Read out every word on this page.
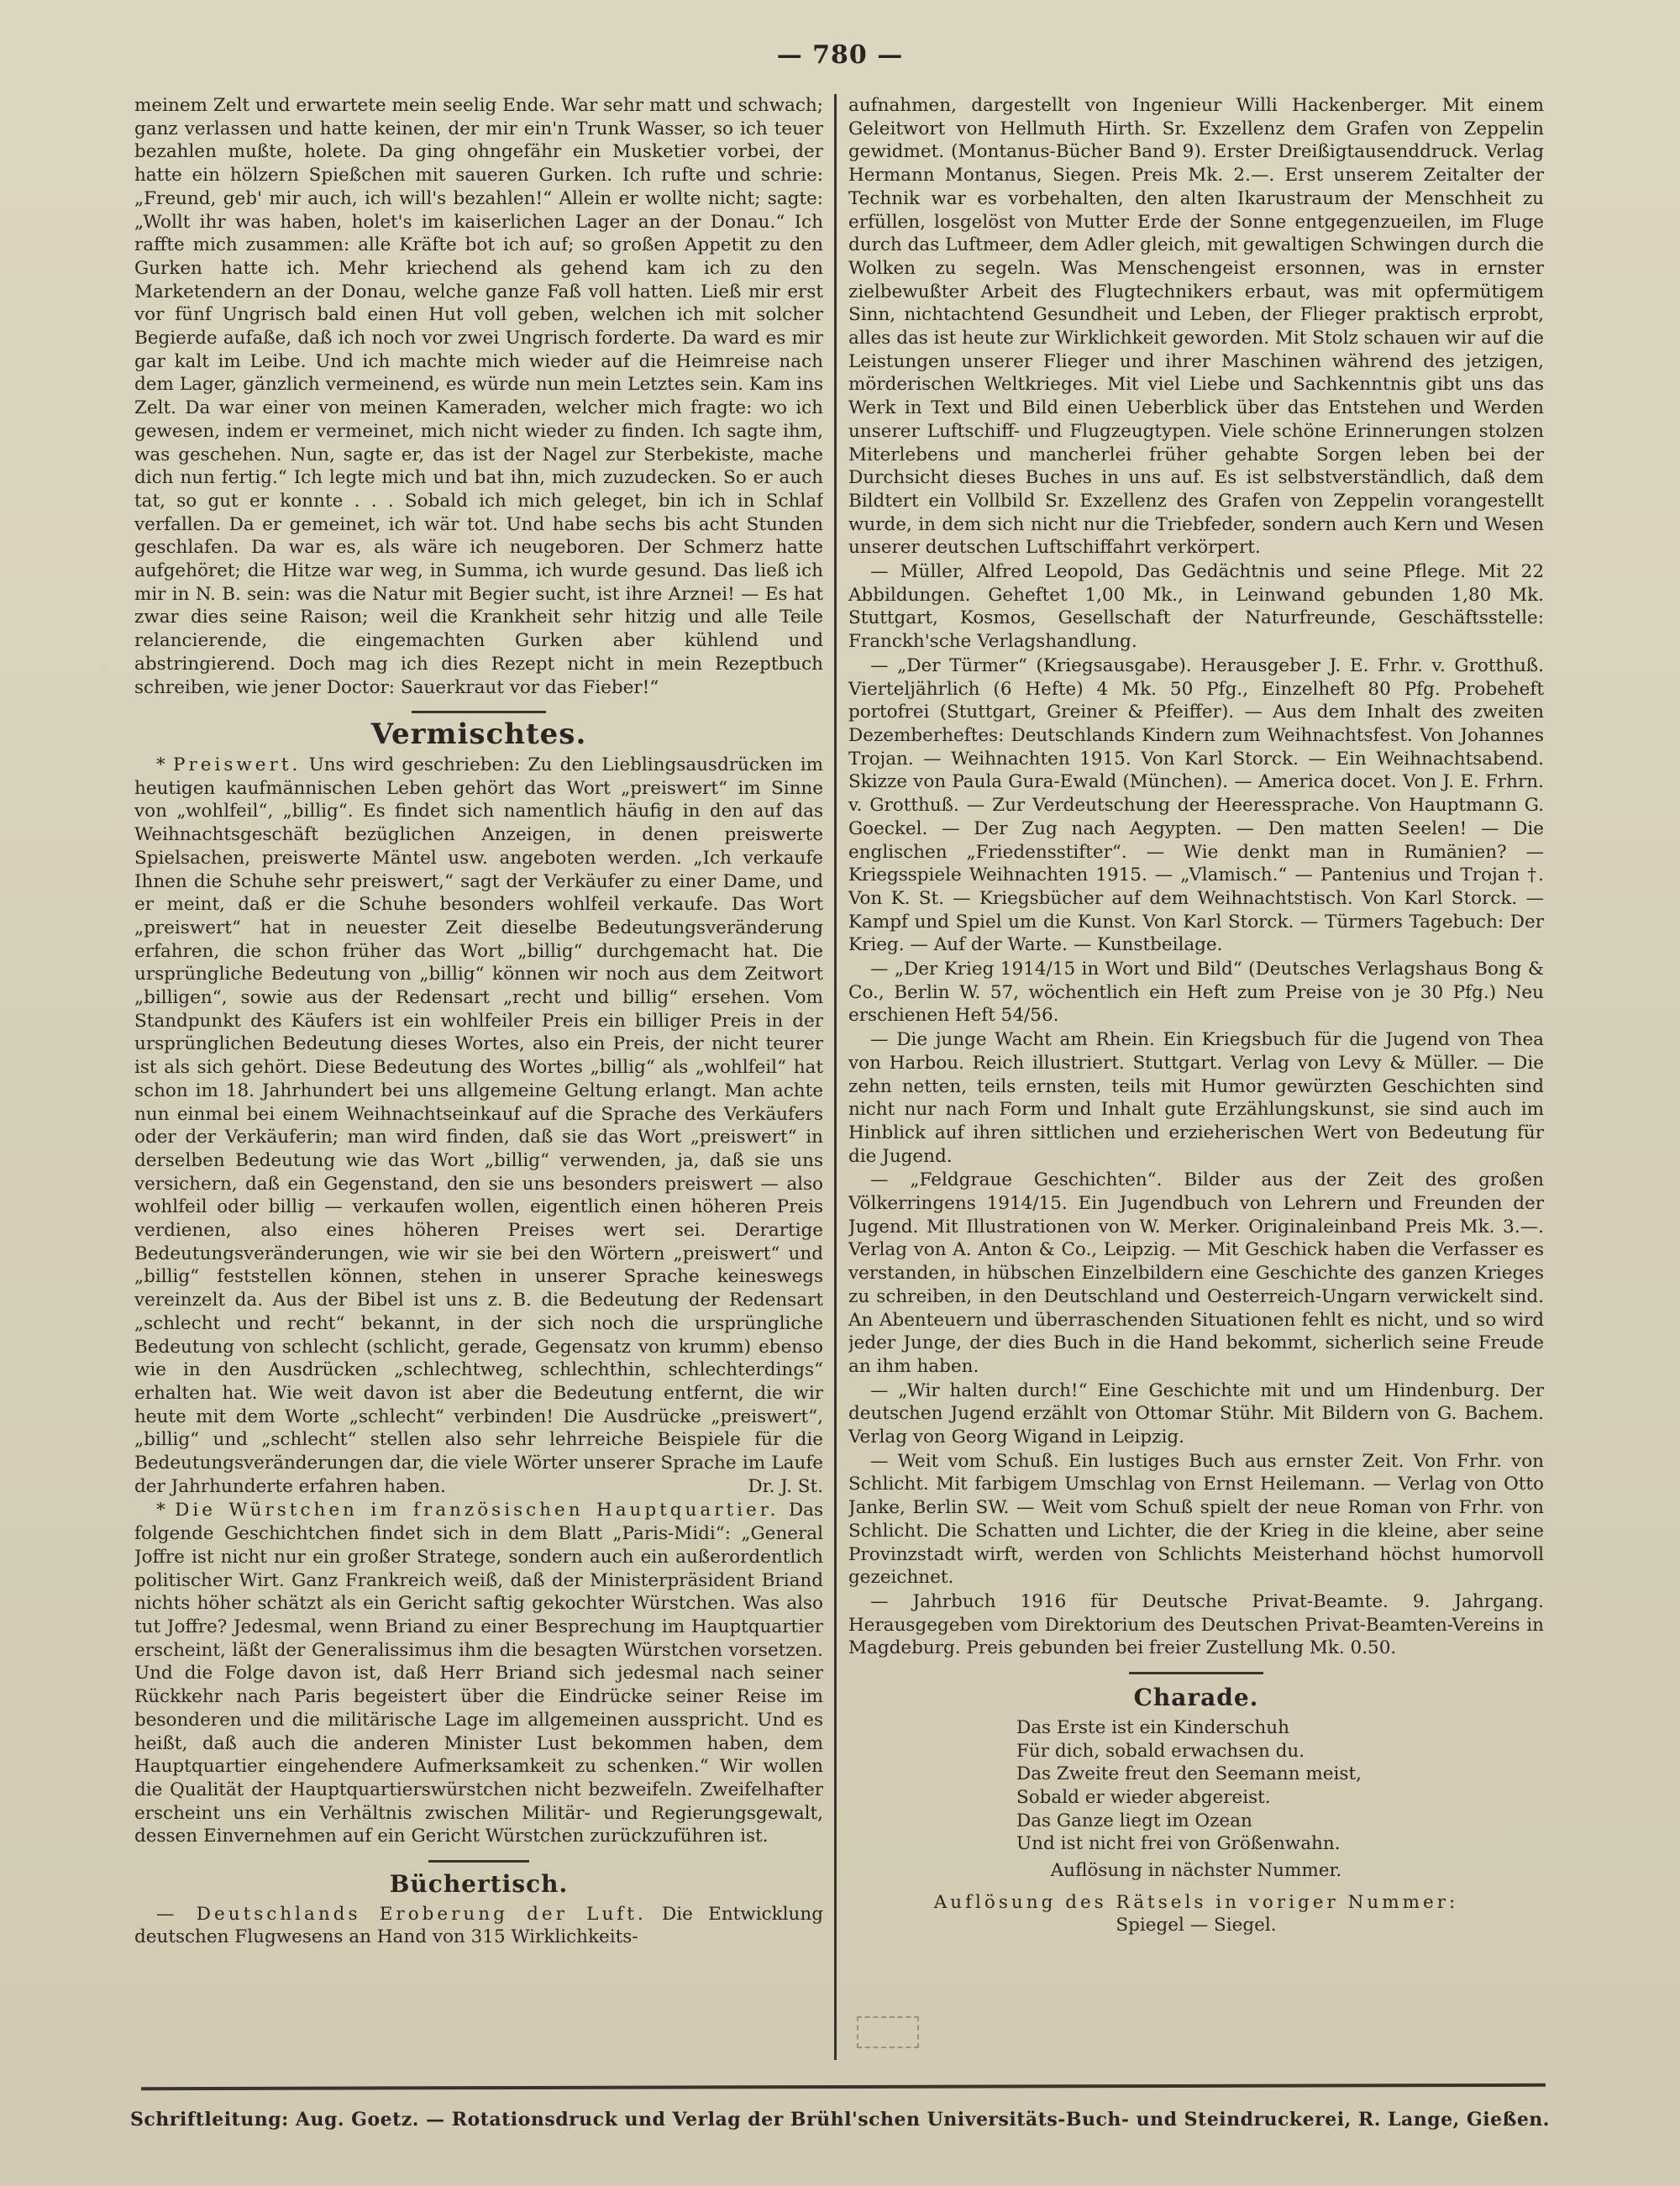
— 780 —

meinem Zelt und erwartete mein seelig Ende. War sehr matt und schwach; ganz verlassen und hatte keinen, der mir ein'n Trunk Wasser, so ich teuer bezahlen mußte, holete. Da ging ohngefähr ein Musketier vorbei, der hatte ein hölzern Spießchen mit saueren Gurken. Ich rufte und schrie: „Freund, geb' mir auch, ich will's bezahlen!“ Allein er wollte nicht; sagte: „Wollt ihr was haben, holet's im kaiserlichen Lager an der Donau.“ Ich raffte mich zusammen: alle Kräfte bot ich auf; so großen Appetit zu den Gurken hatte ich. Mehr kriechend als gehend kam ich zu den Marketendern an der Donau, welche ganze Faß voll hatten. Ließ mir erst vor fünf Ungrisch bald einen Hut voll geben, welchen ich mit solcher Begierde aufaße, daß ich noch vor zwei Ungrisch forderte. Da ward es mir gar kalt im Leibe. Und ich machte mich wieder auf die Heimreise nach dem Lager, gänzlich vermeinend, es würde nun mein Letztes sein. Kam ins Zelt. Da war einer von meinen Kameraden, welcher mich fragte: wo ich gewesen, indem er vermeinet, mich nicht wieder zu finden. Ich sagte ihm, was geschehen. Nun, sagte er, das ist der Nagel zur Sterbekiste, mache dich nun fertig.“ Ich legte mich und bat ihn, mich zuzudecken. So er auch tat, so gut er konnte . . . Sobald ich mich geleget, bin ich in Schlaf verfallen. Da er gemeinet, ich wär tot. Und habe sechs bis acht Stunden geschlafen. Da war es, als wäre ich neugeboren. Der Schmerz hatte aufgehöret; die Hitze war weg, in Summa, ich wurde gesund. Das ließ ich mir in N. B. sein: was die Natur mit Begier sucht, ist ihre Arznei! — Es hat zwar dies seine Raison; weil die Krankheit sehr hitzig und alle Teile relancierende, die eingemachten Gurken aber kühlend und abstringierend. Doch mag ich dies Rezept nicht in mein Rezeptbuch schreiben, wie jener Doctor: Sauerkraut vor das Fieber!“

Vermischtes.

* Preiswert. Uns wird geschrieben: Zu den Lieblingsausdrücken im heutigen kaufmännischen Leben gehört das Wort „preiswert“ im Sinne von „wohlfeil“, „billig“. Es findet sich namentlich häufig in den auf das Weihnachtsgeschäft bezüglichen Anzeigen, in denen preiswerte Spielsachen, preiswerte Mäntel usw. angeboten werden. „Ich verkaufe Ihnen die Schuhe sehr preiswert,“ sagt der Verkäufer zu einer Dame, und er meint, daß er die Schuhe besonders wohlfeil verkaufe. Das Wort „preiswert“ hat in neuester Zeit dieselbe Bedeutungsveränderung erfahren, die schon früher das Wort „billig“ durchgemacht hat. Die ursprüngliche Bedeutung von „billig“ können wir noch aus dem Zeitwort „billigen“, sowie aus der Redensart „recht und billig“ ersehen. Vom Standpunkt des Käufers ist ein wohlfeiler Preis ein billiger Preis in der ursprünglichen Bedeutung dieses Wortes, also ein Preis, der nicht teurer ist als sich gehört. Diese Bedeutung des Wortes „billig“ als „wohlfeil“ hat schon im 18. Jahrhundert bei uns allgemeine Geltung erlangt. Man achte nun einmal bei einem Weihnachtseinkauf auf die Sprache des Verkäufers oder der Verkäuferin; man wird finden, daß sie das Wort „preiswert“ in derselben Bedeutung wie das Wort „billig“ verwenden, ja, daß sie uns versichern, daß ein Gegenstand, den sie uns besonders preiswert — also wohlfeil oder billig — verkaufen wollen, eigentlich einen höheren Preis verdienen, also eines höheren Preises wert sei. Derartige Bedeutungsveränderungen, wie wir sie bei den Wörtern „preiswert“ und „billig“ feststellen können, stehen in unserer Sprache keineswegs vereinzelt da. Aus der Bibel ist uns z. B. die Bedeutung der Redensart „schlecht und recht“ bekannt, in der sich noch die ursprüngliche Bedeutung von schlecht (schlicht, gerade, Gegensatz von krumm) ebenso wie in den Ausdrücken „schlechtweg, schlechthin, schlechterdings“ erhalten hat. Wie weit davon ist aber die Bedeutung entfernt, die wir heute mit dem Worte „schlecht“ verbinden! Die Ausdrücke „preiswert“, „billig“ und „schlecht“ stellen also sehr lehrreiche Beispiele für die Bedeutungsveränderungen dar, die viele Wörter unserer Sprache im Laufe der Jahrhunderte erfahren haben.	Dr. J. St.

* Die Würstchen im französischen Hauptquartier. Das folgende Geschichtchen findet sich in dem Blatt „Paris-Midi“: „General Joffre ist nicht nur ein großer Stratege, sondern auch ein außerordentlich politischer Wirt. Ganz Frankreich weiß, daß der Ministerpräsident Briand nichts höher schätzt als ein Gericht saftig gekochter Würstchen. Was also tut Joffre? Jedesmal, wenn Briand zu einer Besprechung im Hauptquartier erscheint, läßt der Generalissimus ihm die besagten Würstchen vorsetzen. Und die Folge davon ist, daß Herr Briand sich jedesmal nach seiner Rückkehr nach Paris begeistert über die Eindrücke seiner Reise im besonderen und die militärische Lage im allgemeinen ausspricht. Und es heißt, daß auch die anderen Minister Lust bekommen haben, dem Hauptquartier eingehendere Aufmerksamkeit zu schenken.“ Wir wollen die Qualität der Hauptquartierswürstchen nicht bezweifeln. Zweifelhafter erscheint uns ein Verhältnis zwischen Militär- und Regierungsgewalt, dessen Einvernehmen auf ein Gericht Würstchen zurückzuführen ist.

Büchertisch.

— Deutschlands Eroberung der Luft. Die Entwicklung deutschen Flugwesens an Hand von 315 Wirklichkeits-

aufnahmen, dargestellt von Ingenieur Willi Hackenberger. Mit einem Geleitwort von Hellmuth Hirth. Sr. Exzellenz dem Grafen von Zeppelin gewidmet. (Montanus-Bücher Band 9). Erster Dreißigtausenddruck. Verlag Hermann Montanus, Siegen. Preis Mk. 2.—. Erst unserem Zeitalter der Technik war es vorbehalten, den alten Ikarustraum der Menschheit zu erfüllen, losgelöst von Mutter Erde der Sonne entgegenzueilen, im Fluge durch das Luftmeer, dem Adler gleich, mit gewaltigen Schwingen durch die Wolken zu segeln. Was Menschengeist ersonnen, was in ernster zielbewußter Arbeit des Flugtechnikers erbaut, was mit opfermütigem Sinn, nichtachtend Gesundheit und Leben, der Flieger praktisch erprobt, alles das ist heute zur Wirklichkeit geworden. Mit Stolz schauen wir auf die Leistungen unserer Flieger und ihrer Maschinen während des jetzigen, mörderischen Weltkrieges. Mit viel Liebe und Sachkenntnis gibt uns das Werk in Text und Bild einen Ueberblick über das Entstehen und Werden unserer Luftschiff- und Flugzeugtypen. Viele schöne Erinnerungen stolzen Miterlebens und mancherlei früher gehabte Sorgen leben bei der Durchsicht dieses Buches in uns auf. Es ist selbstverständlich, daß dem Bildtert ein Vollbild Sr. Exzellenz des Grafen von Zeppelin vorangestellt wurde, in dem sich nicht nur die Triebfeder, sondern auch Kern und Wesen unserer deutschen Luftschiffahrt verkörpert.

— Müller, Alfred Leopold, Das Gedächtnis und seine Pflege. Mit 22 Abbildungen. Geheftet 1,00 Mk., in Leinwand gebunden 1,80 Mk. Stuttgart, Kosmos, Gesellschaft der Naturfreunde, Geschäftsstelle: Franckh'sche Verlagshandlung.

— „Der Türmer“ (Kriegsausgabe). Herausgeber J. E. Frhr. v. Grotthuß. Vierteljährlich (6 Hefte) 4 Mk. 50 Pfg., Einzelheft 80 Pfg. Probeheft portofrei (Stuttgart, Greiner & Pfeiffer). — Aus dem Inhalt des zweiten Dezemberheftes: Deutschlands Kindern zum Weihnachtsfest. Von Johannes Trojan. — Weihnachten 1915. Von Karl Storck. — Ein Weihnachtsabend. Skizze von Paula Gura-Ewald (München). — America docet. Von J. E. Frhrn. v. Grotthuß. — Zur Verdeutschung der Heeressprache. Von Hauptmann G. Goeckel. — Der Zug nach Aegypten. — Den matten Seelen! — Die englischen „Friedensstifter“. — Wie denkt man in Rumänien? — Kriegsspiele Weihnachten 1915. — „Vlamisch.“ — Pantenius und Trojan †. Von K. St. — Kriegsbücher auf dem Weihnachtstisch. Von Karl Storck. — Kampf und Spiel um die Kunst. Von Karl Storck. — Türmers Tagebuch: Der Krieg. — Auf der Warte. — Kunstbeilage.

— „Der Krieg 1914/15 in Wort und Bild“ (Deutsches Verlagshaus Bong & Co., Berlin W. 57, wöchentlich ein Heft zum Preise von je 30 Pfg.) Neu erschienen Heft 54/56.

— Die junge Wacht am Rhein. Ein Kriegsbuch für die Jugend von Thea von Harbou. Reich illustriert. Stuttgart. Verlag von Levy & Müller. — Die zehn netten, teils ernsten, teils mit Humor gewürzten Geschichten sind nicht nur nach Form und Inhalt gute Erzählungskunst, sie sind auch im Hinblick auf ihren sittlichen und erzieherischen Wert von Bedeutung für die Jugend.

— „Feldgraue Geschichten“. Bilder aus der Zeit des großen Völkerringens 1914/15. Ein Jugendbuch von Lehrern und Freunden der Jugend. Mit Illustrationen von W. Merker. Originaleinband Preis Mk. 3.—. Verlag von A. Anton & Co., Leipzig. — Mit Geschick haben die Verfasser es verstanden, in hübschen Einzelbildern eine Geschichte des ganzen Krieges zu schreiben, in den Deutschland und Oesterreich-Ungarn verwickelt sind. An Abenteuern und überraschenden Situationen fehlt es nicht, und so wird jeder Junge, der dies Buch in die Hand bekommt, sicherlich seine Freude an ihm haben.

— „Wir halten durch!“ Eine Geschichte mit und um Hindenburg. Der deutschen Jugend erzählt von Ottomar Stühr. Mit Bildern von G. Bachem. Verlag von Georg Wigand in Leipzig.

— Weit vom Schuß. Ein lustiges Buch aus ernster Zeit. Von Frhr. von Schlicht. Mit farbigem Umschlag von Ernst Heilemann. — Verlag von Otto Janke, Berlin SW. — Weit vom Schuß spielt der neue Roman von Frhr. von Schlicht. Die Schatten und Lichter, die der Krieg in die kleine, aber seine Provinzstadt wirft, werden von Schlichts Meisterhand höchst humorvoll gezeichnet.

— Jahrbuch 1916 für Deutsche Privat-Beamte. 9. Jahrgang. Herausgegeben vom Direktorium des Deutschen Privat-Beamten-Vereins in Magdeburg. Preis gebunden bei freier Zustellung Mk. 0.50.

Charade.
Das Erste ist ein Kinderschuh
Für dich, sobald erwachsen du.
Das Zweite freut den Seemann meist,
Sobald er wieder abgereist.
Das Ganze liegt im Ozean
Und ist nicht frei von Größenwahn.
Auflösung in nächster Nummer.
Auflösung des Rätsels in voriger Nummer:
Spiegel — Siegel.
Schriftleitung: Aug. Goetz. — Rotationsdruck und Verlag der Brühl'schen Universitäts-Buch- und Steindruckerei, R. Lange, Gießen.
